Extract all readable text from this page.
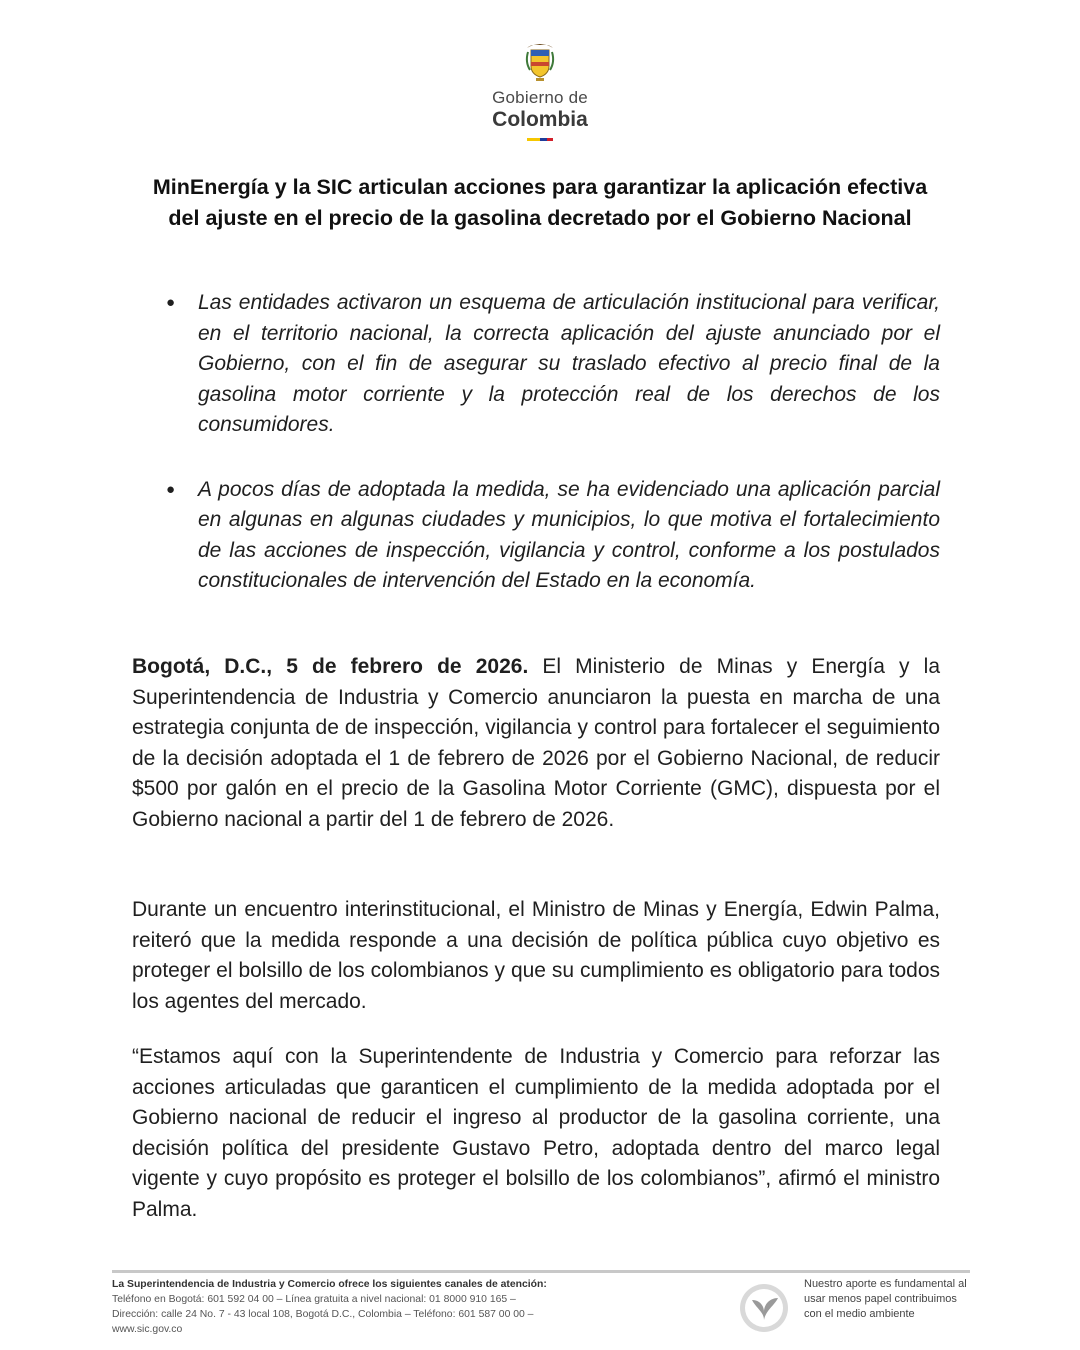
Gobierno de
Colombia
MinEnergía y la SIC articulan acciones para garantizar la aplicación efectiva del ajuste en el precio de la gasolina decretado por el Gobierno Nacional
● Las entidades activaron un esquema de articulación institucional para verificar, en el territorio nacional, la correcta aplicación del ajuste anunciado por el Gobierno, con el fin de asegurar su traslado efectivo al precio final de la gasolina motor corriente y la protección real de los derechos de los consumidores.
● A pocos días de adoptada la medida, se ha evidenciado una aplicación parcial en algunas en algunas ciudades y municipios, lo que motiva el fortalecimiento de las acciones de inspección, vigilancia y control, conforme a los postulados constitucionales de intervención del Estado en la economía.

Bogotá, D.C., 5 de febrero de 2026. El Ministerio de Minas y Energía y la Superintendencia de Industria y Comercio anunciaron la puesta en marcha de una estrategia conjunta de de inspección, vigilancia y control para fortalecer el seguimiento de la decisión adoptada el 1 de febrero de 2026 por el Gobierno Nacional, de reducir $500 por galón en el precio de la Gasolina Motor Corriente (GMC), dispuesta por el Gobierno nacional a partir del 1 de febrero de 2026.

Durante un encuentro interinstitucional, el Ministro de Minas y Energía, Edwin Palma, reiteró que la medida responde a una decisión de política pública cuyo objetivo es proteger el bolsillo de los colombianos y que su cumplimiento es obligatorio para todos los agentes del mercado.

“Estamos aquí con la Superintendente de Industria y Comercio para reforzar las acciones articuladas que garanticen el cumplimiento de la medida adoptada por el Gobierno nacional de reducir el ingreso al productor de la gasolina corriente, una decisión política del presidente Gustavo Petro, adoptada dentro del marco legal vigente y cuyo propósito es proteger el bolsillo de los colombianos”, afirmó el ministro Palma.

La Superintendencia de Industria y Comercio ofrece los siguientes canales de atención:
Teléfono en Bogotá: 601 592 04 00 – Línea gratuita a nivel nacional: 01 8000 910 165 –
Dirección: calle 24 No. 7 - 43 local 108, Bogotá D.C., Colombia – Teléfono: 601 587 00 00 –
www.sic.gov.co
Nuestro aporte es fundamental al usar menos papel contribuimos con el medio ambiente
